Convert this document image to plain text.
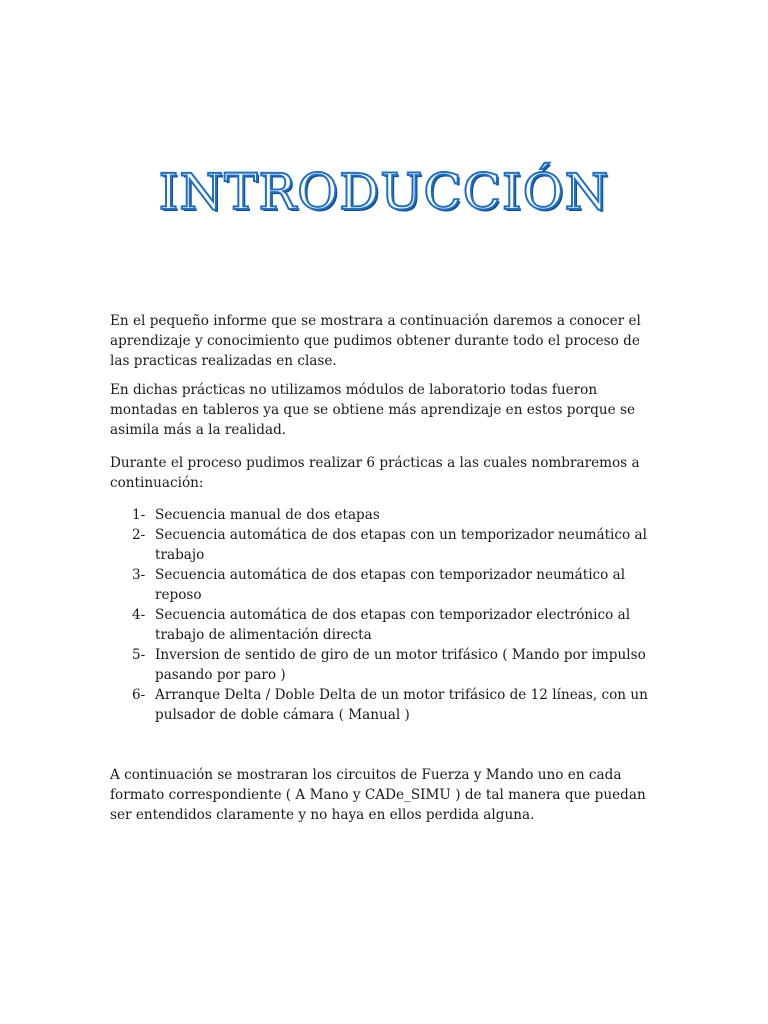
INTRODUCCIÓN

En el pequeño informe que se mostrara a continuación daremos a conocer el aprendizaje y conocimiento que pudimos obtener durante todo el proceso de las practicas realizadas en clase.

En dichas prácticas no utilizamos módulos de laboratorio todas fueron montadas en tableros ya que se obtiene más aprendizaje en estos porque se asimila más a la realidad.

Durante el proceso pudimos realizar 6 prácticas a las cuales nombraremos a continuación:

1- Secuencia manual de dos etapas
2- Secuencia automática de dos etapas con un temporizador neumático al trabajo
3- Secuencia automática de dos etapas con temporizador neumático al reposo
4- Secuencia automática de dos etapas con temporizador electrónico al trabajo de alimentación directa
5- Inversion de sentido de giro de un motor trifásico ( Mando por impulso pasando por paro )
6- Arranque Delta / Doble Delta de un motor trifásico de 12 líneas, con un pulsador de doble cámara ( Manual )

A continuación se mostraran los circuitos de Fuerza y Mando uno en cada formato correspondiente ( A Mano y CADe_SIMU ) de tal manera que puedan ser entendidos claramente y no haya en ellos perdida alguna.
